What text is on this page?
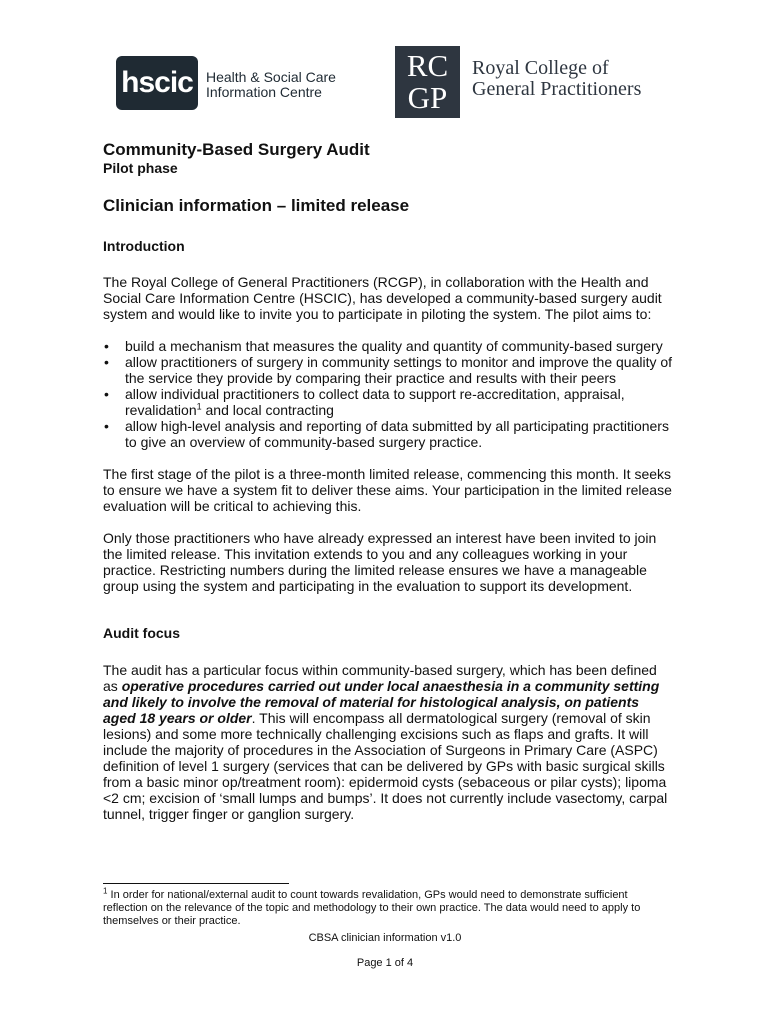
hscic Health & Social Care
Information Centre
RC
GP
Royal College of
General Practitioners
Community-Based Surgery Audit
Pilot phase
Clinician information – limited release
Introduction

The Royal College of General Practitioners (RCGP), in collaboration with the Health and Social Care Information Centre (HSCIC), has developed a community-based surgery audit system and would like to invite you to participate in piloting the system. The pilot aims to:

• build a mechanism that measures the quality and quantity of community-based surgery
• allow practitioners of surgery in community settings to monitor and improve the quality of the service they provide by comparing their practice and results with their peers
• allow individual practitioners to collect data to support re-accreditation, appraisal, revalidation$^1$ and local contracting
• allow high-level analysis and reporting of data submitted by all participating practitioners to give an overview of community-based surgery practice.

The first stage of the pilot is a three-month limited release, commencing this month. It seeks to ensure we have a system fit to deliver these aims. Your participation in the limited release evaluation will be critical to achieving this.

Only those practitioners who have already expressed an interest have been invited to join the limited release. This invitation extends to you and any colleagues working in your practice. Restricting numbers during the limited release ensures we have a manageable group using the system and participating in the evaluation to support its development.

Audit focus

The audit has a particular focus within community-based surgery, which has been defined as operative procedures carried out under local anaesthesia in a community setting and likely to involve the removal of material for histological analysis, on patients aged 18 years or older. This will encompass all dermatological surgery (removal of skin lesions) and some more technically challenging excisions such as flaps and grafts. It will include the majority of procedures in the Association of Surgeons in Primary Care (ASPC) definition of level 1 surgery (services that can be delivered by GPs with basic surgical skills from a basic minor op/treatment room): epidermoid cysts (sebaceous or pilar cysts); lipoma <2 cm; excision of ‘small lumps and bumps’. It does not currently include vasectomy, carpal tunnel, trigger finger or ganglion surgery.

$^1$ In order for national/external audit to count towards revalidation, GPs would need to demonstrate sufficient reflection on the relevance of the topic and methodology to their own practice. The data would need to apply to themselves or their practice.
CBSA clinician information v1.0
Page 1 of 4
